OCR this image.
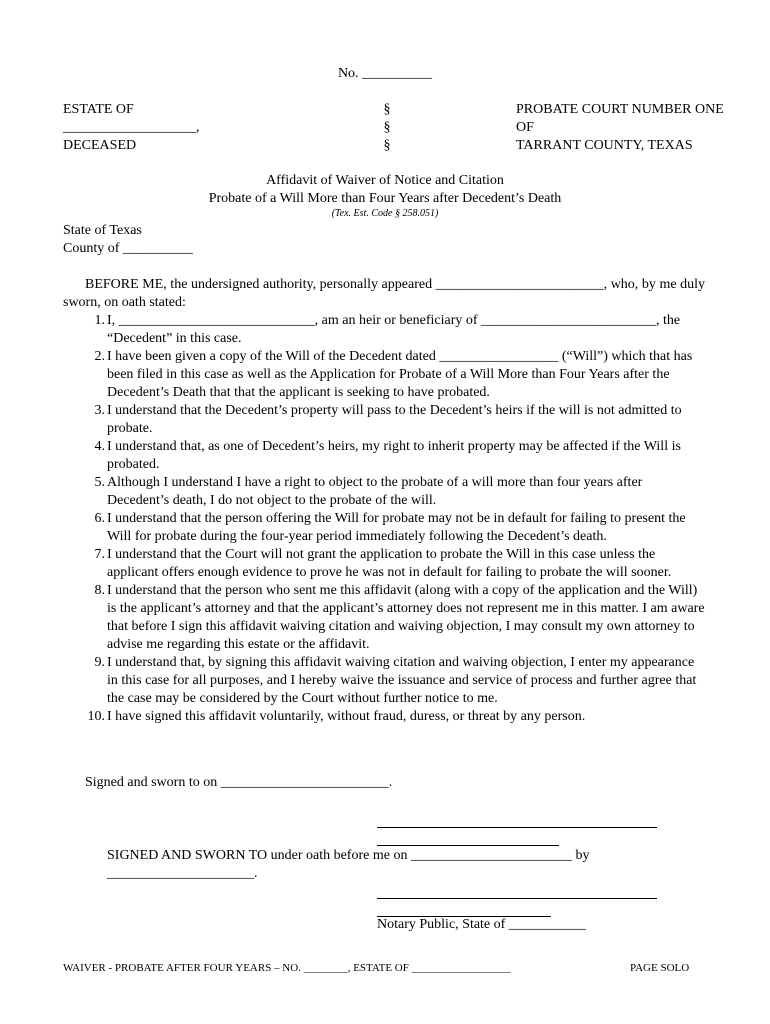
No. __________
ESTATE OF
___________________,
DECEASED
§
§
§
PROBATE COURT NUMBER ONE
OF
TARRANT COUNTY, TEXAS
Affidavit of Waiver of Notice and Citation
Probate of a Will More than Four Years after Decedent’s Death
(Tex. Est. Code § 258.051)
State of Texas
County of __________
BEFORE ME, the undersigned authority, personally appeared ________________________, who, by me duly sworn, on oath stated:
1. I, ____________________________, am an heir or beneficiary of _________________________, the “Decedent” in this case.
2. I have been given a copy of the Will of the Decedent dated _________________ (“Will”) which that has been filed in this case as well as the Application for Probate of a Will More than Four Years after the Decedent’s Death that that the applicant is seeking to have probated.
3. I understand that the Decedent’s property will pass to the Decedent’s heirs if the will is not admitted to probate.
4. I understand that, as one of Decedent’s heirs, my right to inherit property may be affected if the Will is probated.
5. Although I understand I have a right to object to the probate of a will more than four years after Decedent’s death, I do not object to the probate of the will.
6. I understand that the person offering the Will for probate may not be in default for failing to present the Will for probate during the four-year period immediately following the Decedent’s death.
7. I understand that the Court will not grant the application to probate the Will in this case unless the applicant offers enough evidence to prove he was not in default for failing to probate the will sooner.
8. I understand that the person who sent me this affidavit (along with a copy of the application and the Will) is the applicant’s attorney and that the applicant’s attorney does not represent me in this matter. I am aware that before I sign this affidavit waiving citation and waiving objection, I may consult my own attorney to advise me regarding this estate or the affidavit.
9. I understand that, by signing this affidavit waiving citation and waiving objection, I enter my appearance in this case for all purposes, and I hereby waive the issuance and service of process and further agree that the case may be considered by the Court without further notice to me.
10. I have signed this affidavit voluntarily, without fraud, duress, or threat by any person.
Signed and sworn to on ________________________.
SIGNED AND SWORN TO under oath before me on _______________________ by
_____________________.
Notary Public, State of ___________
WAIVER - PROBATE AFTER FOUR YEARS – NO. ________, ESTATE OF __________________	PAGE SOLO
